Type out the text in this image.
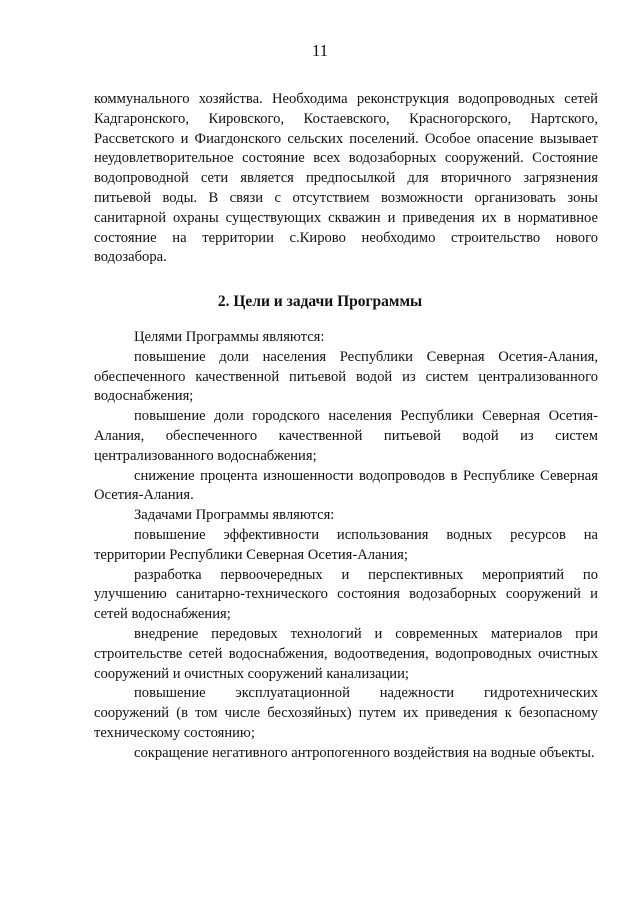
11

коммунального хозяйства. Необходима реконструкция водопроводных сетей Кадгаронского, Кировского, Костаевского, Красногорского, Нартского, Рассветского и Фиагдонского сельских поселений. Особое опасение вызывает неудовлетворительное состояние всех водозаборных сооружений. Состояние водопроводной сети является предпосылкой для вторичного загрязнения питьевой воды. В связи с отсутствием возможности организовать зоны санитарной охраны существующих скважин и приведения их в нормативное состояние на территории с.Кирово необходимо строительство нового водозабора.

2. Цели и задачи Программы

Целями Программы являются:

повышение доли населения Республики Северная Осетия-Алания, обеспеченного качественной питьевой водой из систем централизованного водоснабжения;

повышение доли городского населения Республики Северная Осетия-Алания, обеспеченного качественной питьевой водой из систем централизованного водоснабжения;

снижение процента изношенности водопроводов в Республике Северная Осетия-Алания.

Задачами Программы являются:

повышение эффективности использования водных ресурсов на территории Республики Северная Осетия-Алания;

разработка первоочередных и перспективных мероприятий по улучшению санитарно-технического состояния водозаборных сооружений и сетей водоснабжения;

внедрение передовых технологий и современных материалов при строительстве сетей водоснабжения, водоотведения, водопроводных очистных сооружений и очистных сооружений канализации;

повышение эксплуатационной надежности гидротехнических сооружений (в том числе бесхозяйных) путем их приведения к безопасному техническому состоянию;

сокращение негативного антропогенного воздействия на водные объекты.
